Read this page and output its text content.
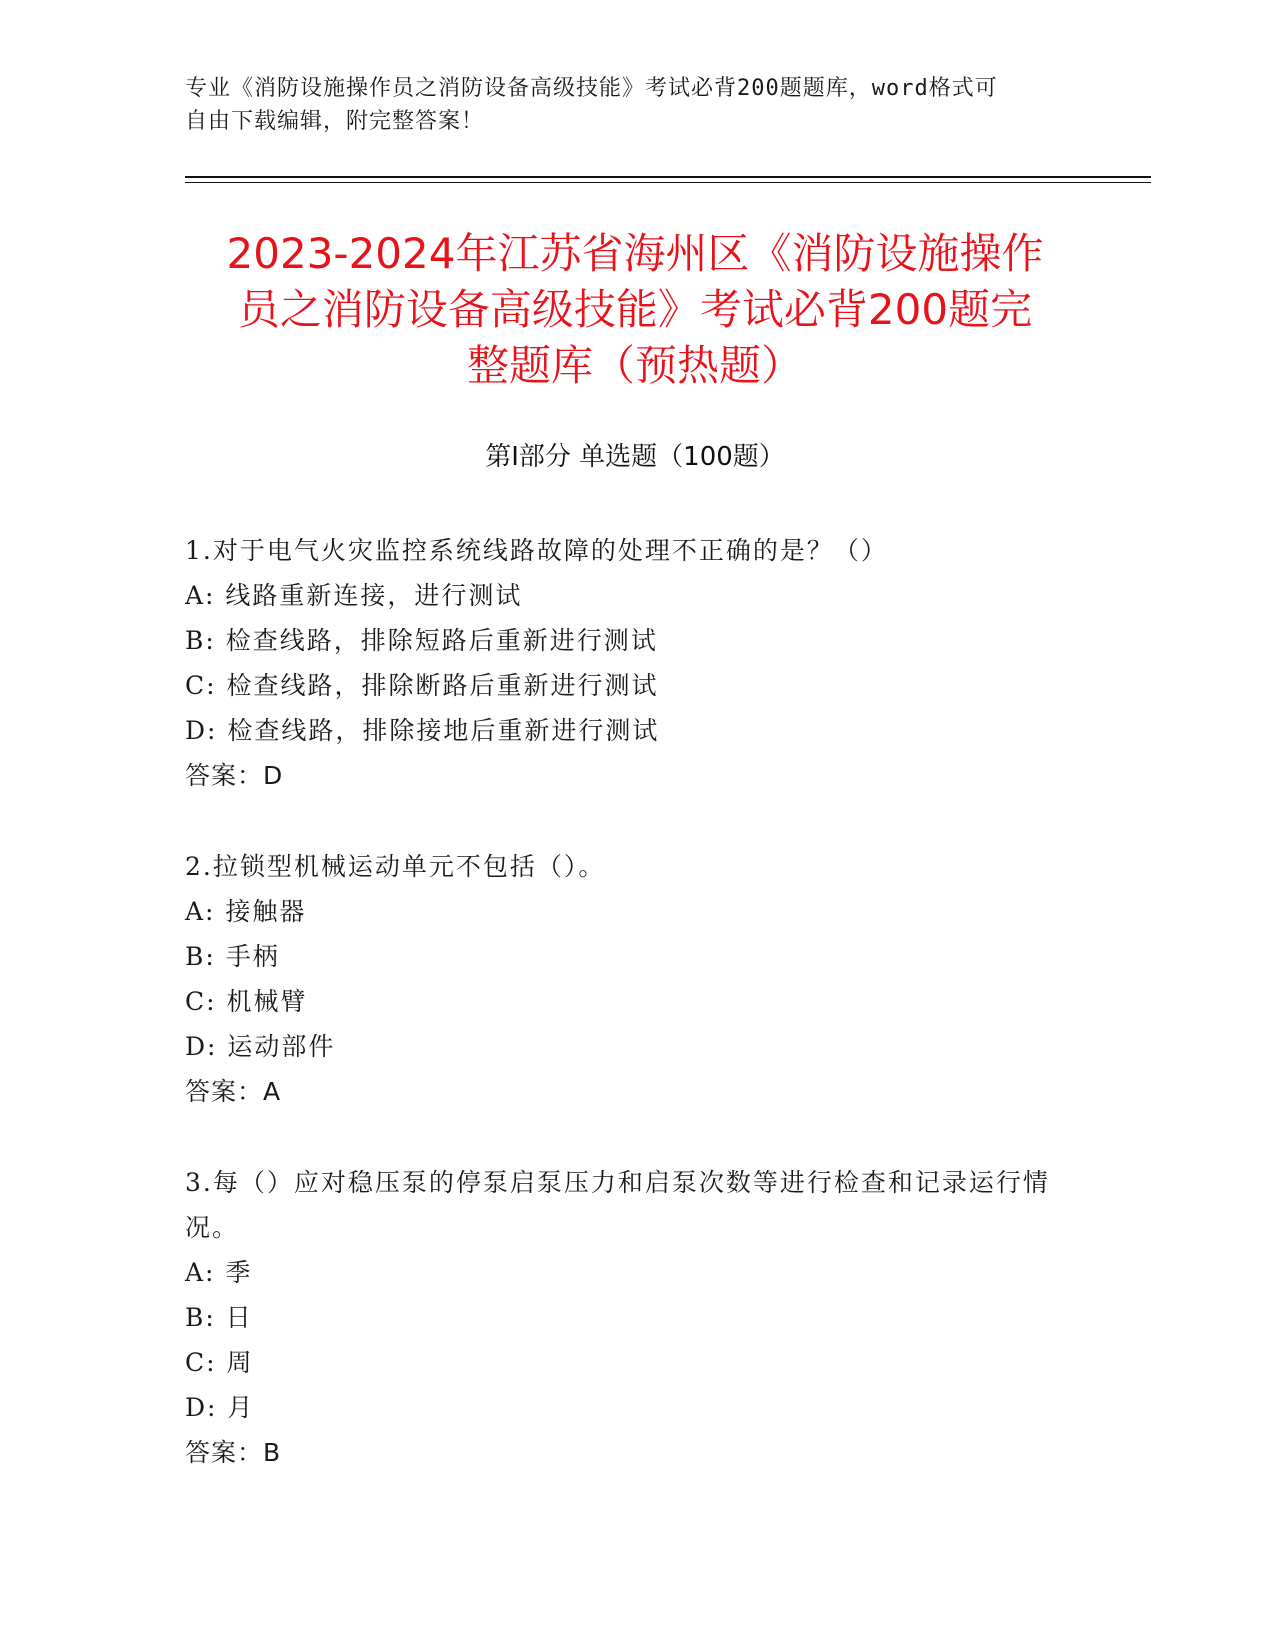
专业《消防设施操作员之消防设备高级技能》考试必背200题题库，word格式可
自由下载编辑，附完整答案！
2023-2024年江苏省海州区《消防设施操作
员之消防设备高级技能》考试必背200题完
整题库（预热题）
第Ⅰ部分 单选题（100题）
1.对于电气火灾监控系统线路故障的处理不正确的是？（）
A: 线路重新连接，进行测试
B: 检查线路，排除短路后重新进行测试
C: 检查线路，排除断路后重新进行测试
D: 检查线路，排除接地后重新进行测试
答案：D
2.拉锁型机械运动单元不包括（）。
A: 接触器
B: 手柄
C: 机械臂
D: 运动部件
答案：A
3.每（）应对稳压泵的停泵启泵压力和启泵次数等进行检查和记录运行情况。
A: 季
B: 日
C: 周
D: 月
答案：B
